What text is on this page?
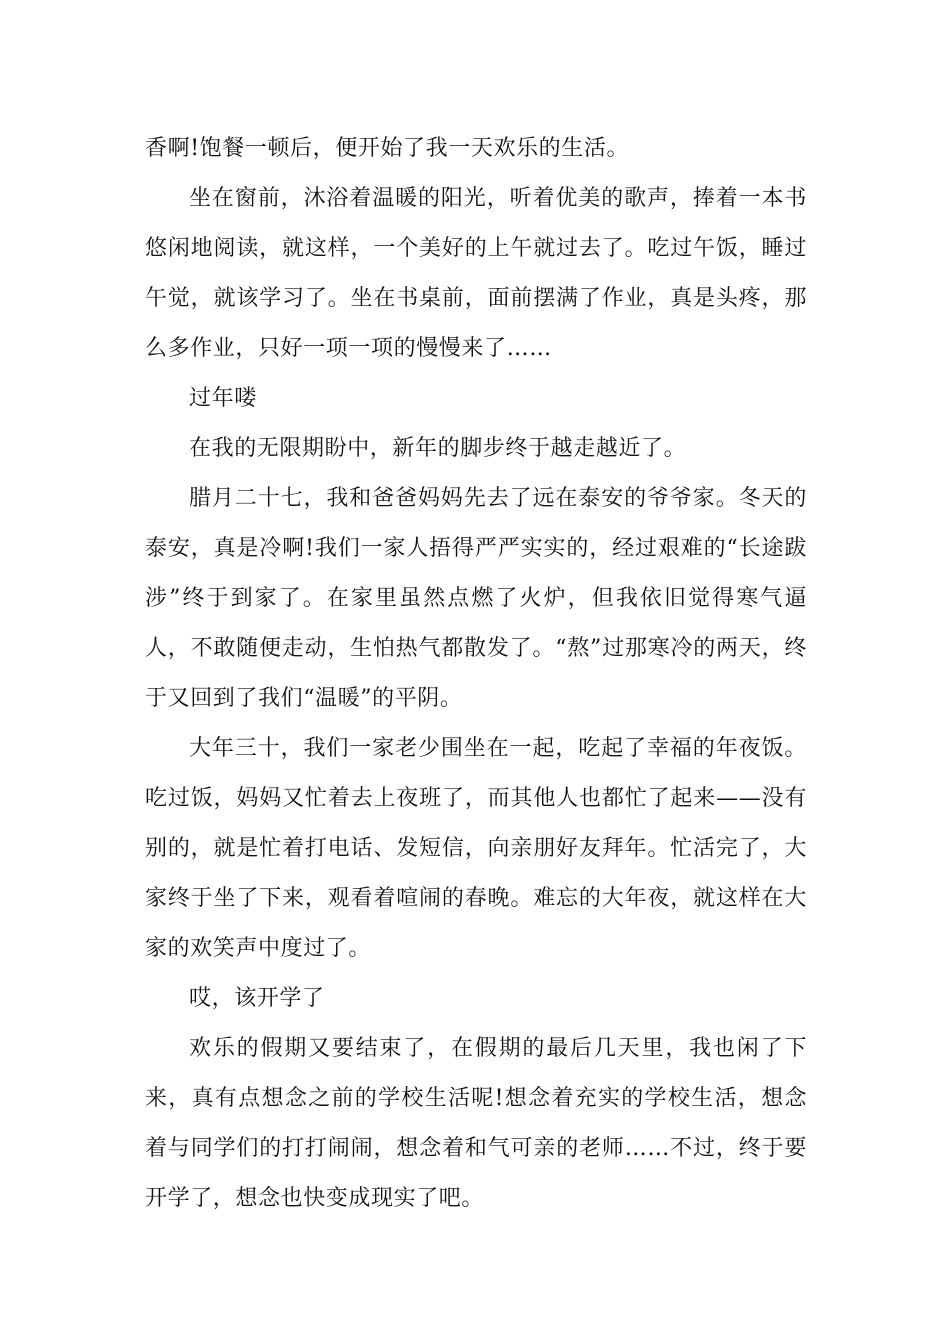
香啊!饱餐一顿后，便开始了我一天欢乐的生活。

坐在窗前，沐浴着温暖的阳光，听着优美的歌声，捧着一本书悠闲地阅读，就这样，一个美好的上午就过去了。吃过午饭，睡过午觉，就该学习了。坐在书桌前，面前摆满了作业，真是头疼，那么多作业，只好一项一项的慢慢来了……

过年喽

在我的无限期盼中，新年的脚步终于越走越近了。

腊月二十七，我和爸爸妈妈先去了远在泰安的爷爷家。冬天的泰安，真是冷啊!我们一家人捂得严严实实的，经过艰难的“长途跋涉”终于到家了。在家里虽然点燃了火炉，但我依旧觉得寒气逼人，不敢随便走动，生怕热气都散发了。“熬”过那寒冷的两天，终于又回到了我们“温暖”的平阴。

大年三十，我们一家老少围坐在一起，吃起了幸福的年夜饭。吃过饭，妈妈又忙着去上夜班了，而其他人也都忙了起来——没有别的，就是忙着打电话、发短信，向亲朋好友拜年。忙活完了，大家终于坐了下来，观看着喧闹的春晚。难忘的大年夜，就这样在大家的欢笑声中度过了。

哎，该开学了

欢乐的假期又要结束了，在假期的最后几天里，我也闲了下来，真有点想念之前的学校生活呢!想念着充实的学校生活，想念着与同学们的打打闹闹，想念着和气可亲的老师……不过，终于要开学了，想念也快变成现实了吧。
